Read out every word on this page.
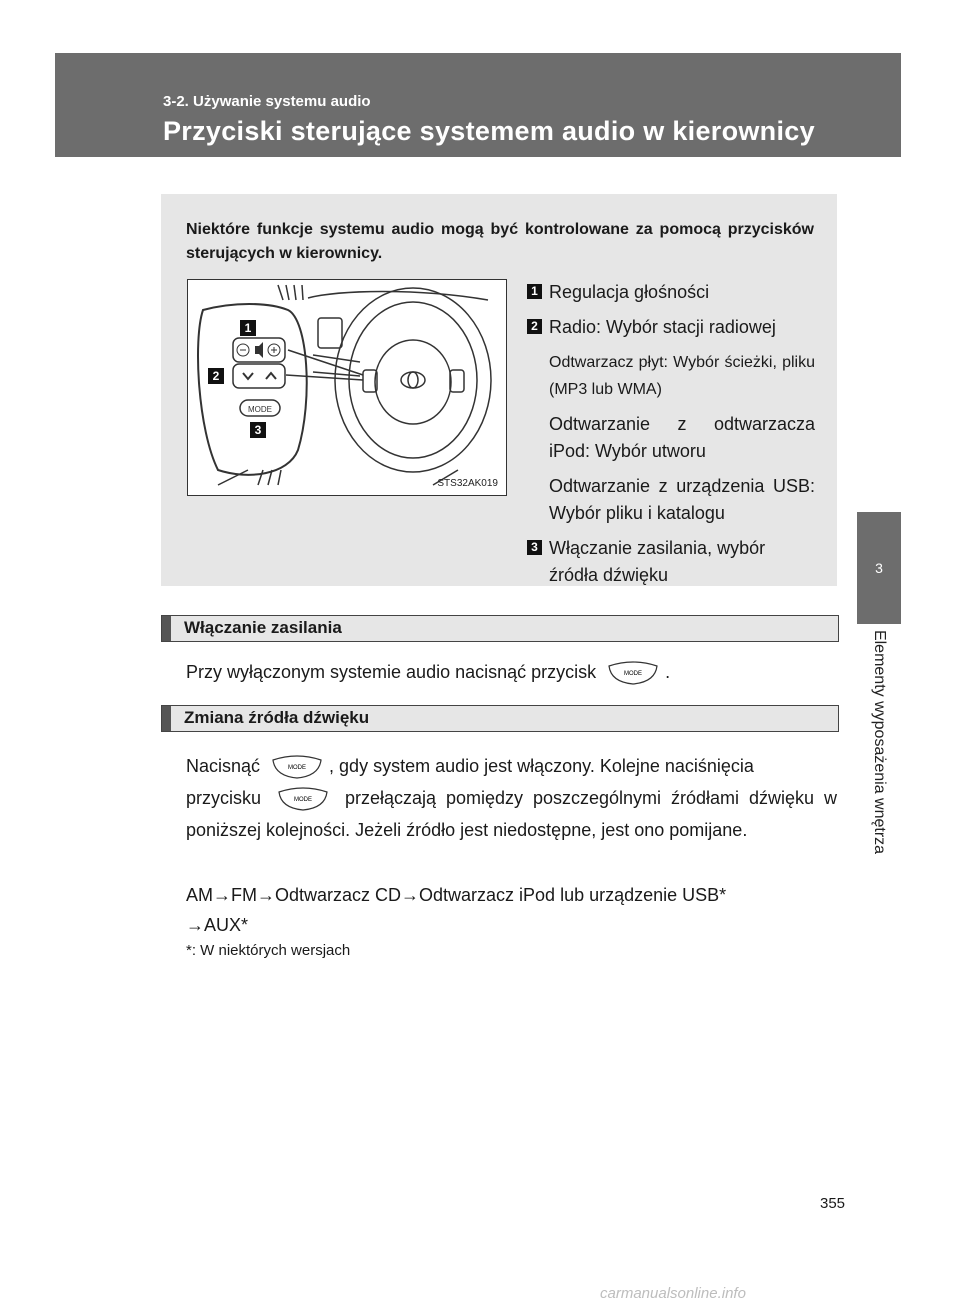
3-2. Używanie systemu audio
Przyciski sterujące systemem audio w kierownicy
3
Elementy wyposażenia wnętrza
Niektóre funkcje systemu audio mogą być kontrolowane za pomocą przycisków sterujących w kierownicy.
MODE
1
2
3
STS32AK019
1 Regulacja głośności
2 Radio: Wybór stacji radiowej
Odtwarzacz płyt: Wybór ścieżki, pliku (MP3 lub WMA)
Odtwarzanie z odtwarzacza iPod: Wybór utworu
Odtwarzanie z urządzenia USB: Wybór pliku i katalogu
3 Włączanie zasilania, wybór źródła dźwięku
Włączanie zasilania
Przy wyłączonym systemie audio nacisnąć przycisk	MODE .
Zmiana źródła dźwięku
Nacisnąć	MODE , gdy system audio jest włączony. Kolejne naciśnięcia
przycisku	MODE przełączają pomiędzy poszczególnymi źródłami dźwięku w poniższej kolejności. Jeżeli źródło jest niedostępne, jest ono pomijane.
AM→FM→Odtwarzacz CD→Odtwarzacz iPod lub urządzenie USB*
→AUX*
*: W niektórych wersjach
355
carmanualsonline.info
